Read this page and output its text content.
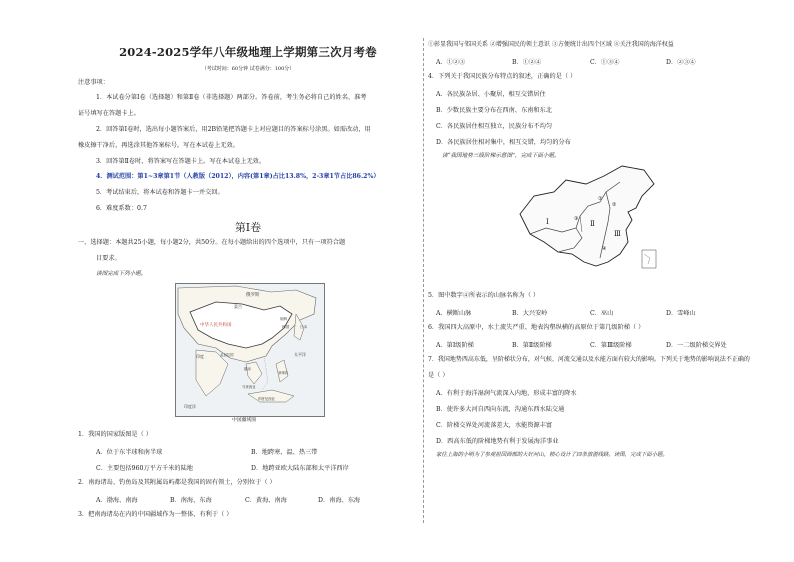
2024-2025学年八年级地理上学期第三次月考卷
（考试时间：60分钟 试卷满分：100分）
注意事项：
1．本试卷分第Ⅰ卷（选择题）和第Ⅱ卷（非选择题）两部分。答卷前，考生务必将自己的姓名、准考
证号填写在答题卡上。
2．回答第Ⅰ卷时，选出每小题答案后，用2B铅笔把答题卡上对应题目的答案标号涂黑。如需改动，用
橡皮擦干净后，再选涂其他答案标号。写在本试卷上无效。
3．回答第Ⅱ卷时，将答案写在答题卡上。写在本试卷上无效。
4．测试范围：第1~3章第1节（人教版（2012），内容(第1章)占比13.8%，2-3章1节占比86.2%）
5．考试结束后，将本试卷和答题卡一并交回。
6．难度系数：0.7
第Ⅰ卷
一、选择题：本题共25小题，每小题2分，共50分。在每小题给出的四个选项中，只有一项符合题
目要求。
读图完成下列小题。
俄罗斯
蒙古
中华人民共和国
朝鲜
韩国	日本
印度	孟加拉国	太平洋
印度洋
菲律宾
越南
马来西亚
印度尼西亚
中国疆域图
1．我国的国家版图是（ ）
A．位于东半球和南半球	B．地跨寒、温、热三带
C．主要包括960万平方千米的陆地	D．地跨亚欧大陆东部和太平洋西岸
2．南海诸岛、钓鱼岛及其附属岛屿都是我国的固有领土，分别位于（ ）
A．渤海、南海	B．南海、东海	C．黄海、南海	D．南海、东海
3．把南海诸岛在内的中国疆域作为一整体，有利于（ ）
①彰显我国与邻国关系 ②增强国民的领土意识 ③方便统计出四个区域 ④关注我国的海洋权益
A．①②③	B．①②④	C．①③④	D．②③④
4．下列关于我国民族分布特点的叙述，正确的是（ ）
A．各民族杂居、小聚居，相互交错居住
B．少数民族主要分布在西南、东南和东北
C．各民族居住相互独立，民族分布不均匀
D．各民族居住相对集中，相互交错，均匀的分布
读“我国地势三级阶梯示意图”，完成下面小题。
Ⅰ	Ⅱ
Ⅲ
①
②
③
④
5．图中数字④所表示的山脉名称为（ ）
A．横断山脉	B．大兴安岭	C．巫山	D．雪峰山
6．我国四大高原中，水土流失严重、地表沟壑纵横的高原位于第几级阶梯（ ）
A．第Ⅰ级阶梯	B．第Ⅱ级阶梯	C．第Ⅲ级阶梯	D．一二级阶梯交界处
7．我国地势西高东低，呈阶梯状分布，对气候、河流交通以及水能方面有较大的影响。下列关于地势的影响说法不正确的
是（ ）
A．有利于海洋湿润气流深入内地，形成丰富的降水
B．使许多大河自西向东流，沟通东西水陆交通
C．阶梯交界处河流落差大，水能资源丰富
D．西高东低的阶梯地势有利于发展海洋事业
家住上海的小明为了参观祖国西部的大好河山，精心设计了四条旅游线路，读图，完成下面小题。
